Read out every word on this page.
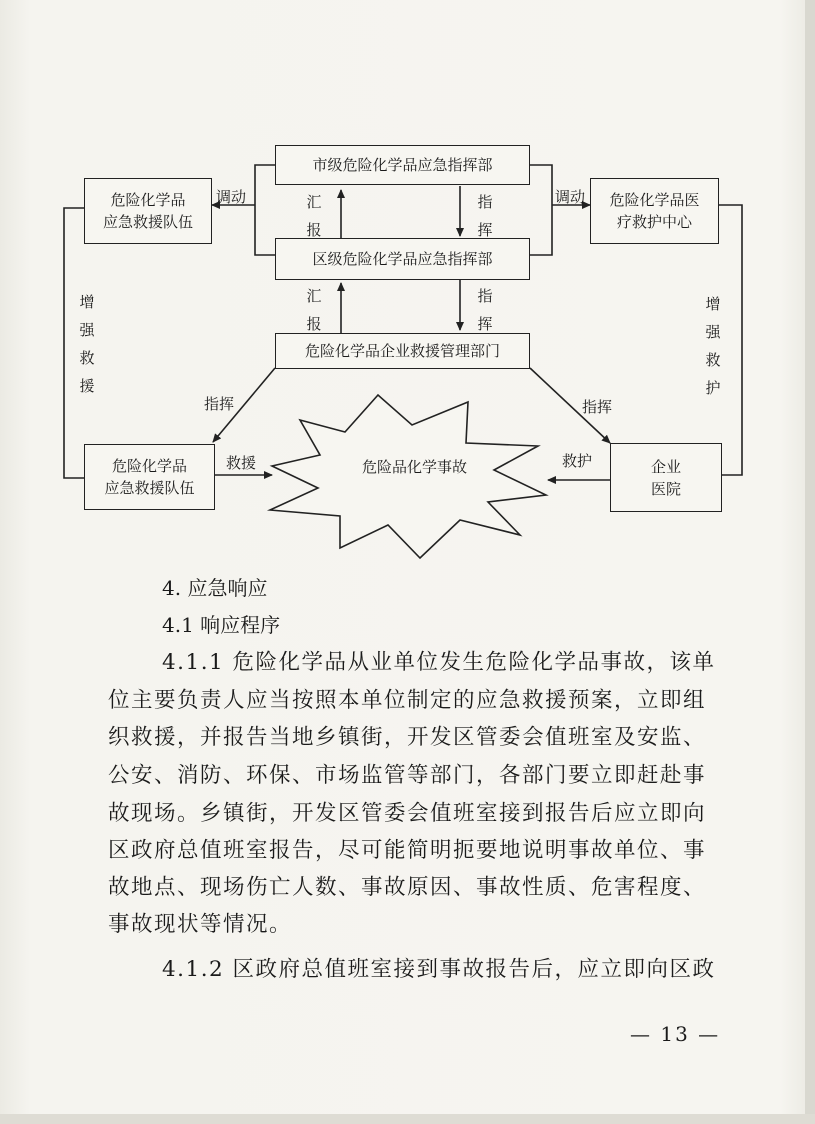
市级危险化学品应急指挥部
区级危险化学品应急指挥部
危险化学品企业救援管理部门
危险化学品
应急救援队伍
危险化学品医
疗救护中心
危险化学品
应急救援队伍
企业
医院
危险品化学事故
调动	调动
汇报
指挥
汇报
指挥
增强救援
增强救护
指挥	指挥
救援	救护
4. 应急响应
4.1 响应程序
4.1.1 危险化学品从业单位发生危险化学品事故，该单
位主要负责人应当按照本单位制定的应急救援预案，立即组
织救援，并报告当地乡镇街，开发区管委会值班室及安监、
公安、消防、环保、市场监管等部门，各部门要立即赶赴事
故现场。乡镇街，开发区管委会值班室接到报告后应立即向
区政府总值班室报告，尽可能简明扼要地说明事故单位、事
故地点、现场伤亡人数、事故原因、事故性质、危害程度、
事故现状等情况。
4.1.2 区政府总值班室接到事故报告后，应立即向区政
— 13 —
